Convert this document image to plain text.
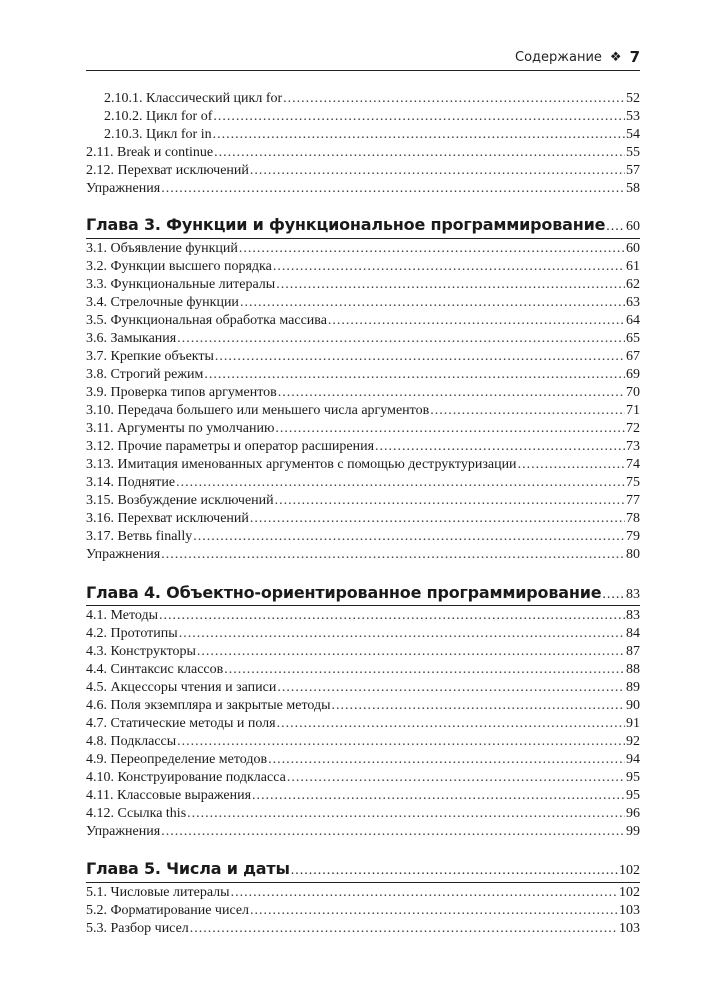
Содержание ❖ 7
2.10.1. Классический цикл for .....	52
2.10.2. Цикл for of .....	53
2.10.3. Цикл for in .....	54
2.11. Break и continue .....	55
2.12. Перехват исключений .....	57
Упражнения .....	58
Глава 3. Функции и функциональное программирование ..... 60
3.1. Объявление функций .....	60
3.2. Функции высшего порядка .....	61
3.3. Функциональные литералы .....	62
3.4. Стрелочные функции .....	63
3.5. Функциональная обработка массива .....	64
3.6. Замыкания .....	65
3.7. Крепкие объекты .....	67
3.8. Строгий режим .....	69
3.9. Проверка типов аргументов .....	70
3.10. Передача большего или меньшего числа аргументов .....	71
3.11. Аргументы по умолчанию .....	72
3.12. Прочие параметры и оператор расширения .....	73
3.13. Имитация именованных аргументов с помощью деструктуризации .....	74
3.14. Поднятие .....	75
3.15. Возбуждение исключений .....	77
3.16. Перехват исключений .....	78
3.17. Ветвь finally .....	79
Упражнения .....	80
Глава 4. Объектно-ориентированное программирование ..... 83
4.1. Методы .....	83
4.2. Прототипы .....	84
4.3. Конструкторы .....	87
4.4. Синтаксис классов .....	88
4.5. Акцессоры чтения и записи .....	89
4.6. Поля экземпляра и закрытые методы .....	90
4.7. Статические методы и поля .....	91
4.8. Подклассы .....	92
4.9. Переопределение методов .....	94
4.10. Конструирование подкласса .....	95
4.11. Классовые выражения .....	95
4.12. Ссылка this .....	96
Упражнения .....	99
Глава 5. Числа и даты .....	102
5.1. Числовые литералы .....	102
5.2. Форматирование чисел .....	103
5.3. Разбор чисел .....	103
